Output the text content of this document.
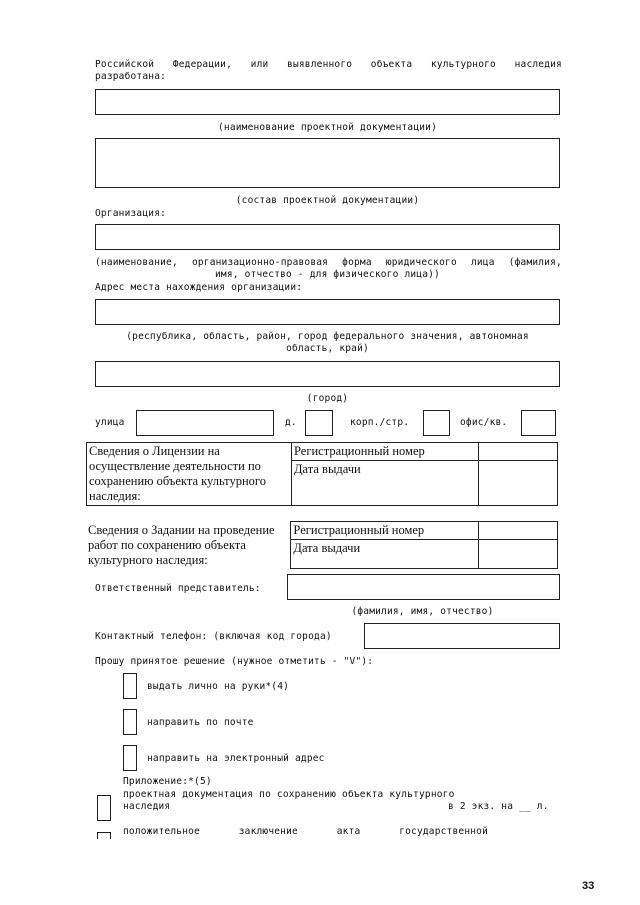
Российской Федерации, или выявленного объекта культурного наследия
разработана:
(наименование проектной документации)
(состав проектной документации)
Организация:
(наименование, организационно-правовая форма юридического лица (фамилия,
имя, отчество - для физического лица))
Адрес места нахождения организации:
(республика, область, район, город федерального значения, автономная
область, край)
(город)
улица	д.	корп./стр.	офис/кв.
Сведения о Лицензии на осуществление деятельности по сохранению объекта культурного наследия:	Регистрационный номер	
	Дата выдачи	
Сведения о Задании на проведение работ по сохранению объекта культурного наследия:	Регистрационный номер	
	Дата выдачи	
Ответственный представитель:
(фамилия, имя, отчество)
Контактный телефон: (включая код города)
Прошу принятое решение (нужное отметить - "V"):
выдать лично на руки*(4)
направить по почте
направить на электронный адрес
Приложение:*(5)
проектная документация по сохранению объекта культурного
наследия	в 2 экз. на __ л.
положительное	заключение	акта	государственной
33
